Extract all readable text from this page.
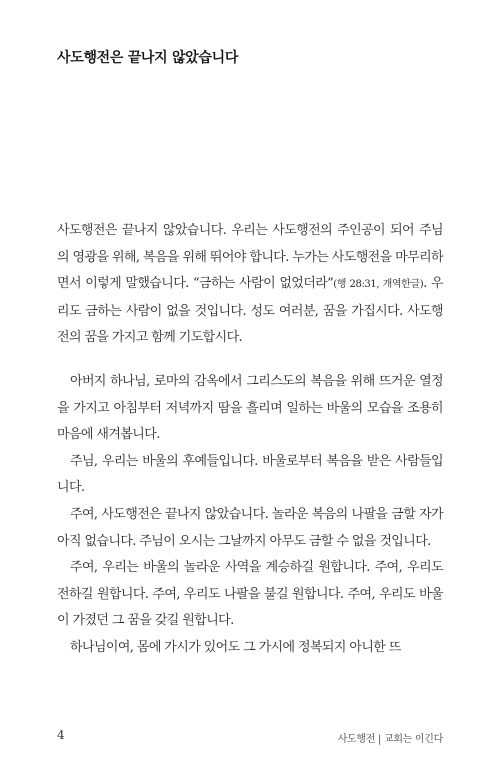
사도행전은 끝나지 않았습니다

사도행전은 끝나지 않았습니다. 우리는 사도행전의 주인공이 되어 주님의 영광을 위해, 복음을 위해 뛰어야 합니다. 누가는 사도행전을 마무리하면서 이렇게 말했습니다. “금하는 사람이 없었더라”(행 28:31, 개역한글). 우리도 금하는 사람이 없을 것입니다. 성도 여러분, 꿈을 가집시다. 사도행전의 꿈을 가지고 함께 기도합시다.

아버지 하나님, 로마의 감옥에서 그리스도의 복음을 위해 뜨거운 열정을 가지고 아침부터 저녁까지 땀을 흘리며 일하는 바울의 모습을 조용히 마음에 새겨봅니다.

주님, 우리는 바울의 후예들입니다. 바울로부터 복음을 받은 사람들입니다.

주여, 사도행전은 끝나지 않았습니다. 놀라운 복음의 나팔을 금할 자가 아직 없습니다. 주님이 오시는 그날까지 아무도 금할 수 없을 것입니다.

주여, 우리는 바울의 놀라운 사역을 계승하길 원합니다. 주여, 우리도 전하길 원합니다. 주여, 우리도 나팔을 불길 원합니다. 주여, 우리도 바울이 가졌던 그 꿈을 갖길 원합니다.

하나님이여, 몸에 가시가 있어도 그 가시에 정복되지 아니한 뜨

4	사도행전 | 교회는 이긴다
